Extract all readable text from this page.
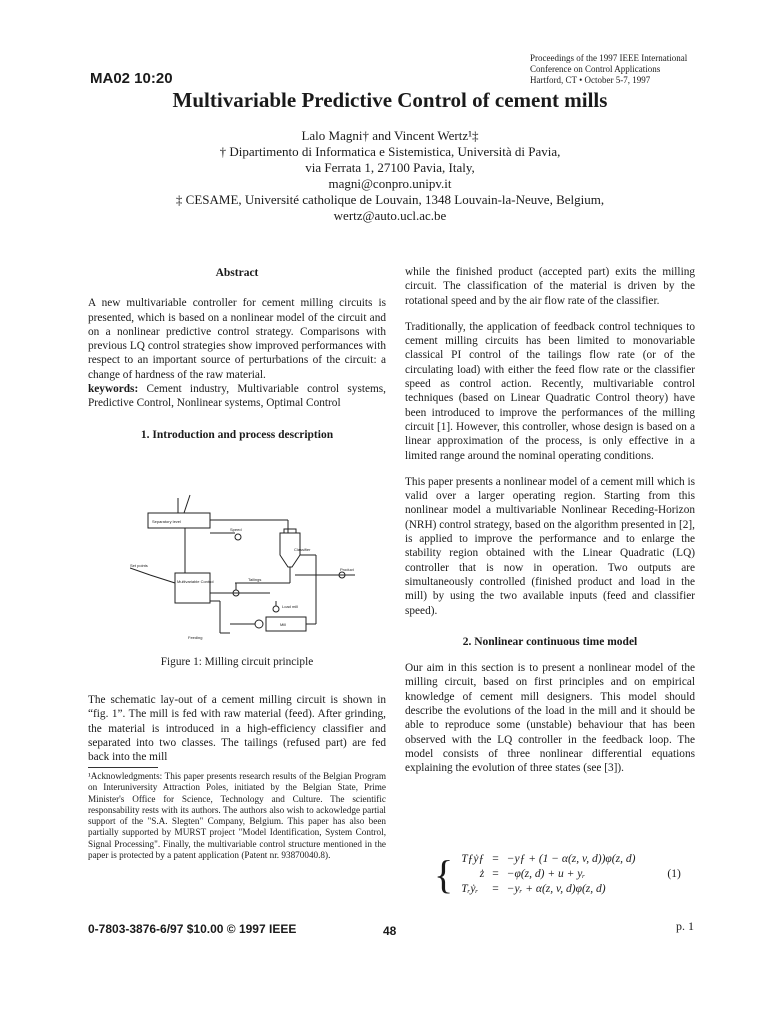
Proceedings of the 1997 IEEE International
Conference on Control Applications
Hartford, CT • October 5-7, 1997
MA02 10:20
Multivariable Predictive Control of cement mills
Lalo Magni† and Vincent Wertz¹‡
† Dipartimento di Informatica e Sistemistica, Università di Pavia,
via Ferrata 1, 27100 Pavia, Italy,
magni@conpro.unipv.it
‡ CESAME, Université catholique de Louvain, 1348 Louvain-la-Neuve, Belgium,
wertz@auto.ucl.ac.be
Abstract

A new multivariable controller for cement milling circuits is presented, which is based on a nonlinear model of the circuit and on a nonlinear predictive control strategy. Comparisons with previous LQ control strategies show improved performances with respect to an important source of perturbations of the circuit: a change of hardness of the raw material.

keywords: Cement industry, Multivariable control systems, Predictive Control, Nonlinear systems, Optimal Control

1. Introduction and process description
Separatory level
Speed
Classifier
Set points
Multivariable Control	Tailings
Product
Load mill
Mill
Feeding
Figure 1: Milling circuit principle
The schematic lay-out of a cement milling circuit is shown in “fig. 1”. The mill is fed with raw material (feed). After grinding, the material is introduced in a high-efficiency classifier and separated into two classes. The tailings (refused part) are fed back into the mill
¹Acknowledgments: This paper presents research results of the Belgian Program on Interuniversity Attraction Poles, initiated by the Belgian State, Prime Minister's Office for Science, Technology and Culture. The scientific responsability rests with its authors. The authors also wish to ackowledge partial support of the "S.A. Slegten" Company, Belgium. This paper has also been partially supported by MURST project "Model Identification, System Control, Signal Processing". Finally, the multivariable control structure mentioned in the paper is protected by a patent application (Patent nr. 93870040.8).

while the finished product (accepted part) exits the milling circuit. The classification of the material is driven by the rotational speed and by the air flow rate of the classifier.

Traditionally, the application of feedback control techniques to cement milling circuits has been limited to monovariable classical PI control of the tailings flow rate (or of the circulating load) with either the feed flow rate or the classifier speed as control action. Recently, multivariable control techniques (based on Linear Quadratic Control theory) have been introduced to improve the performances of the milling circuit [1]. However, this controller, whose design is based on a linear approximation of the process, is only effective in a limited range around the nominal operating conditions.

This paper presents a nonlinear model of a cement mill which is valid over a larger operating region. Starting from this nonlinear model a multivariable Nonlinear Receding-Horizon (NRH) control strategy, based on the algorithm presented in [2], is applied to improve the performance and to enlarge the stability region obtained with the Linear Quadratic (LQ) controller that is now in operation. Two outputs are simultaneously controlled (finished product and load in the mill) by using the two available inputs (feed and classifier speed).

2. Nonlinear continuous time model

Our aim in this section is to present a nonlinear model of the milling circuit, based on first principles and on empirical knowledge of cement mill designers. This model should describe the evolutions of the load in the mill and it should be able to reproduce some (unstable) behaviour that has been observed with the LQ controller in the feedback loop. The model consists of three nonlinear differential equations explaining the evolution of three states (see [3]).

{	Tƒẏƒ	=	−yƒ + (1 − α(z, v, d))φ(z, d)	(1)
	ż	=	−φ(z, d) + u + yᵣ	
	Tᵣẏᵣ	=	−yᵣ + α(z, v, d)φ(z, d)	
0-7803-3876-6/97 $10.00 © 1997 IEEE	48	p. 1
